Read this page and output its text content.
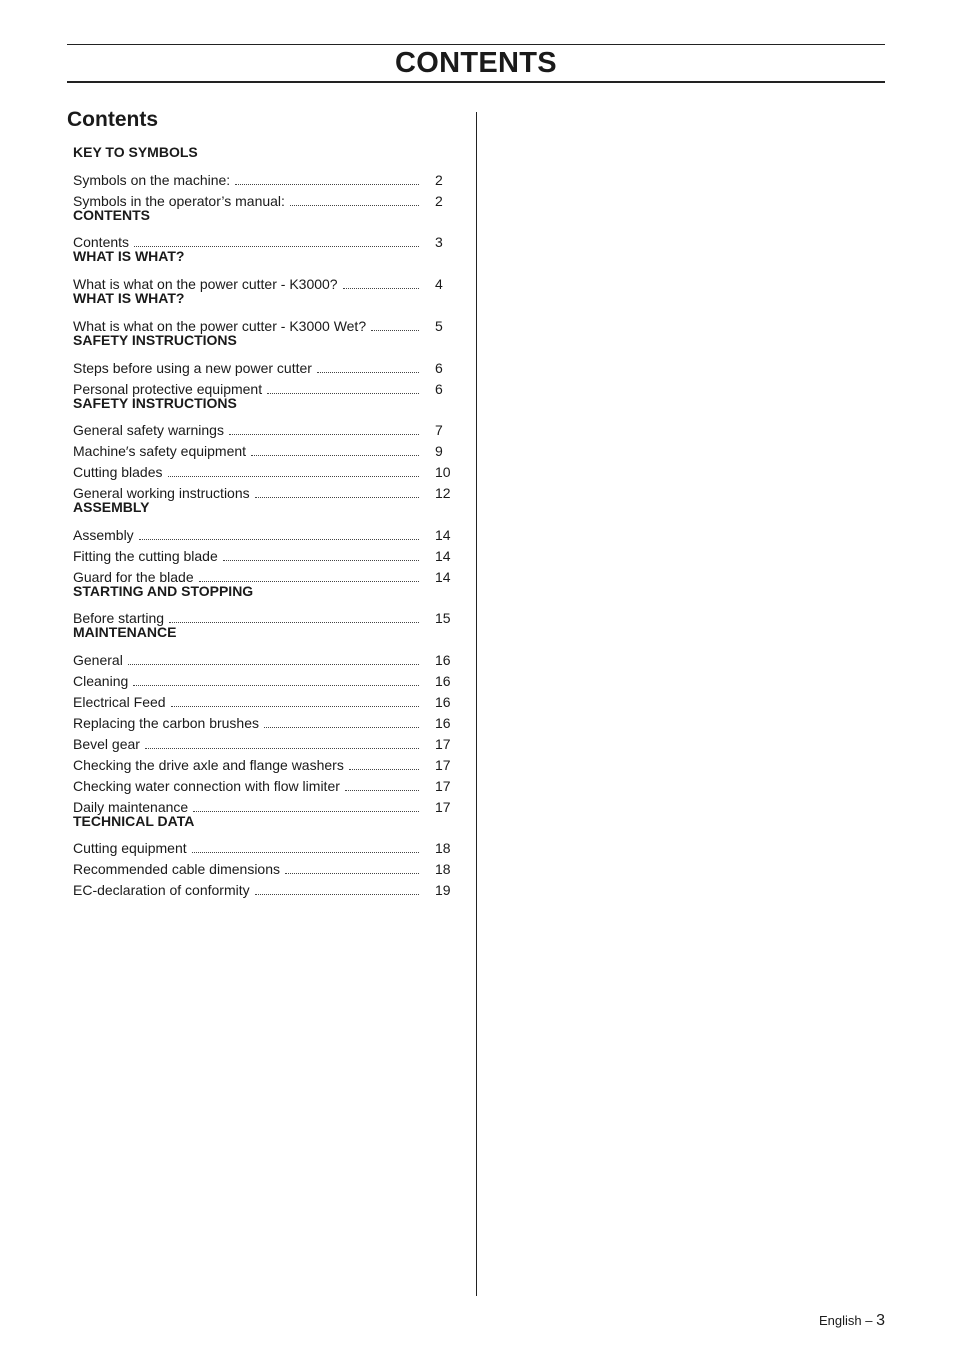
CONTENTS
Contents
KEY TO SYMBOLS
Symbols on the machine:	2
Symbols in the operator’s manual:	2
CONTENTS
Contents	3
WHAT IS WHAT?
What is what on the power cutter - K3000?	4
WHAT IS WHAT?
What is what on the power cutter - K3000 Wet?	5
SAFETY INSTRUCTIONS
Steps before using a new power cutter	6
Personal protective equipment	6
SAFETY INSTRUCTIONS
General safety warnings	7
Machine′s safety equipment	9
Cutting blades	10
General working instructions	12
ASSEMBLY
Assembly	14
Fitting the cutting blade	14
Guard for the blade	14
STARTING AND STOPPING
Before starting	15
MAINTENANCE
General	16
Cleaning	16
Electrical Feed	16
Replacing the carbon brushes	16
Bevel gear	17
Checking the drive axle and flange washers	17
Checking water connection with flow limiter	17
Daily maintenance	17
TECHNICAL DATA
Cutting equipment	18
Recommended cable dimensions	18
EC-declaration of conformity	19
English – 3
